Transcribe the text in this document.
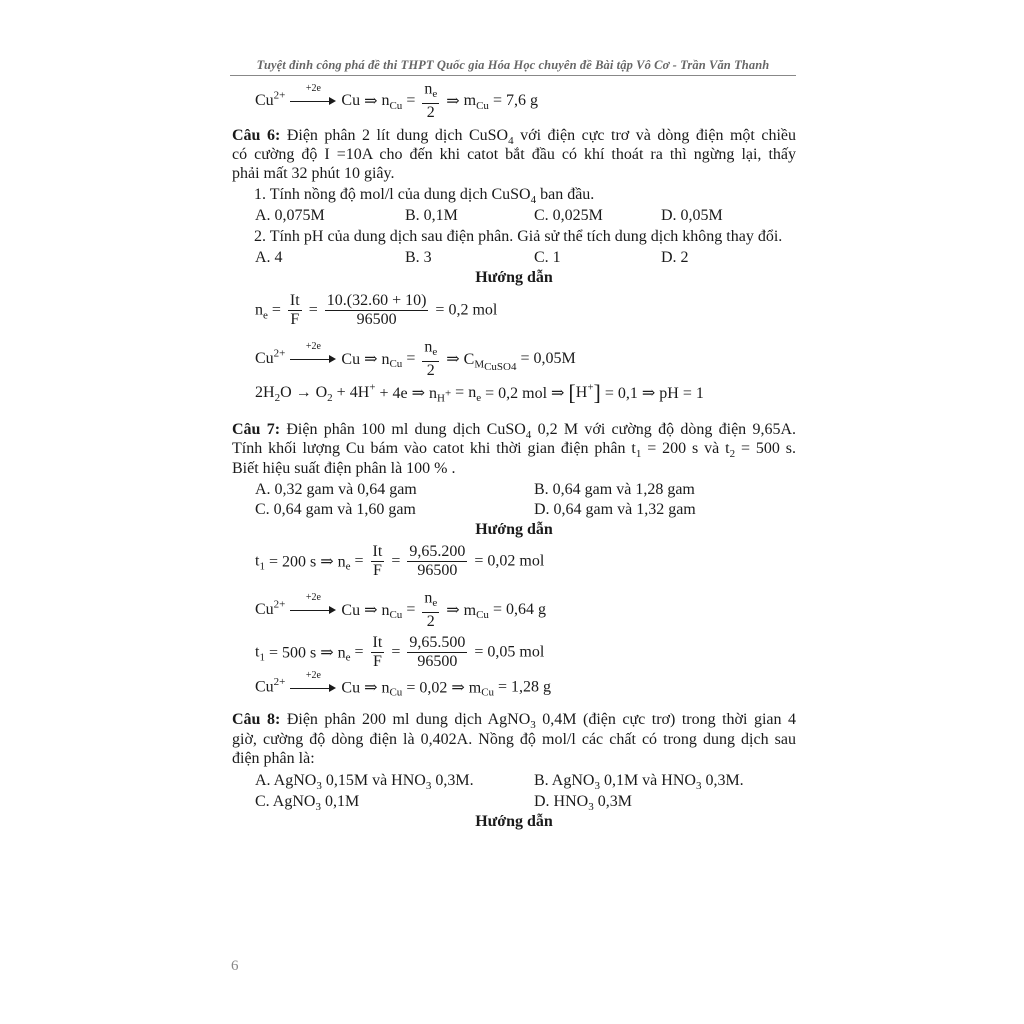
Tuyệt đỉnh công phá đề thi THPT Quốc gia Hóa Học chuyên đề Bài tập Vô Cơ - Trần Văn Thanh
$Cu^{2+}$
+2e
Cu ⇒ $n_{Cu} = \frac{n_e}{2}$ ⇒ $m_{Cu} = 7,6$ g
Câu 6: Điện phân 2 lít dung dịch CuSO$_4$ với điện cực trơ và dòng điện một chiều
có cường độ I =10A cho đến khi catot bắt đầu có khí thoát ra thì ngừng lại, thấy
phải mất 32 phút 10 giây.
1. Tính nồng độ mol/l của dung dịch CuSO$_4$ ban đầu.
A. 0,075M	B. 0,1M	C. 0,025M	D. 0,05M
2. Tính pH của dung dịch sau điện phân. Giả sử thể tích dung dịch không thay đổi.
A. 4	B. 3	C. 1	D. 2
Hướng dẫn
$n_e = \frac{It}{F} = \frac{10.(32.60 + 10)}{96500} = 0,2$ mol
$Cu^{2+}$
+2e
Cu ⇒ $n_{Cu} = \frac{n_e}{2}$ ⇒ $C_{M_{CuSO4}} = 0,05M$
$2H_2O \to O_2 + 4H^+ + 4e$ ⇒ $n_{H^+} = n_e = 0,2$ mol ⇒ [H+] = 0,1 ⇒ pH = 1
Câu 7: Điện phân 100 ml dung dịch CuSO$_4$ 0,2 M với cường độ dòng điện 9,65A.
Tính khối lượng Cu bám vào catot khi thời gian điện phân $t_1 = 200$ s và $t_2 = 500$ s.
Biết hiệu suất điện phân là 100 % .
A. 0,32 gam và 0,64 gam	B. 0,64 gam và 1,28 gam
C. 0,64 gam và 1,60 gam	D. 0,64 gam và 1,32 gam
Hướng dẫn
$t_1 = 200$ s ⇒ $n_e = \frac{It}{F} = \frac{9,65.200}{96500} = 0,02$ mol
$Cu^{2+}$
+2e
Cu ⇒ $n_{Cu} = \frac{n_e}{2}$ ⇒ $m_{Cu} = 0,64$ g
$t_1 = 500$ s ⇒ $n_e = \frac{It}{F} = \frac{9,65.500}{96500} = 0,05$ mol
$Cu^{2+}$
+2e
Cu ⇒ $n_{Cu} = 0,02$ ⇒ $m_{Cu} = 1,28$ g
Câu 8: Điện phân 200 ml dung dịch AgNO$_3$ 0,4M (điện cực trơ) trong thời gian 4
giờ, cường độ dòng điện là 0,402A. Nồng độ mol/l các chất có trong dung dịch sau
điện phân là:
A. AgNO$_3$ 0,15M và $HNO_3$ 0,3M.	B. AgNO$_3$ 0,1M và $HNO_3$ 0,3M.
C. AgNO$_3$ 0,1M	D. $HNO_3$ 0,3M
Hướng dẫn
6
